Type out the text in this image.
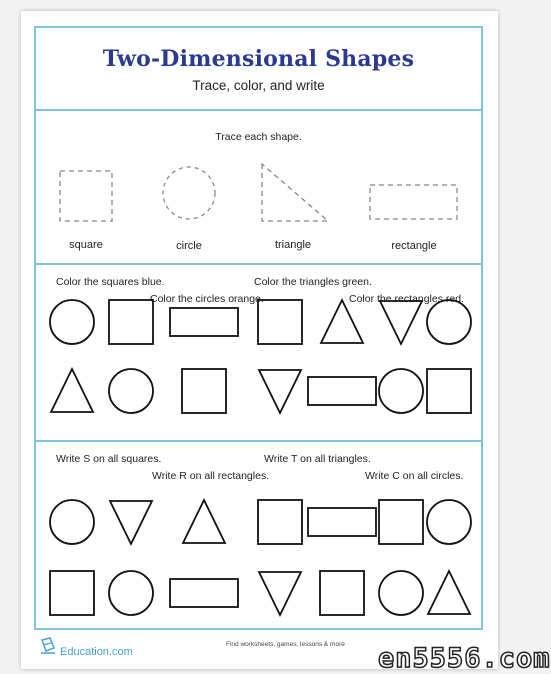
Two-Dimensional Shapes
Trace, color, and write
Trace each shape.
square	circle	triangle	rectangle
Color the squares blue.
Color the circles orange.
Color the triangles green.
Color the rectangles red.
Write S on all squares.
Write R on all rectangles.
Write T on all triangles.
Write C on all circles.
Education.com
Find worksheets, games, lessons & more en5556.com
